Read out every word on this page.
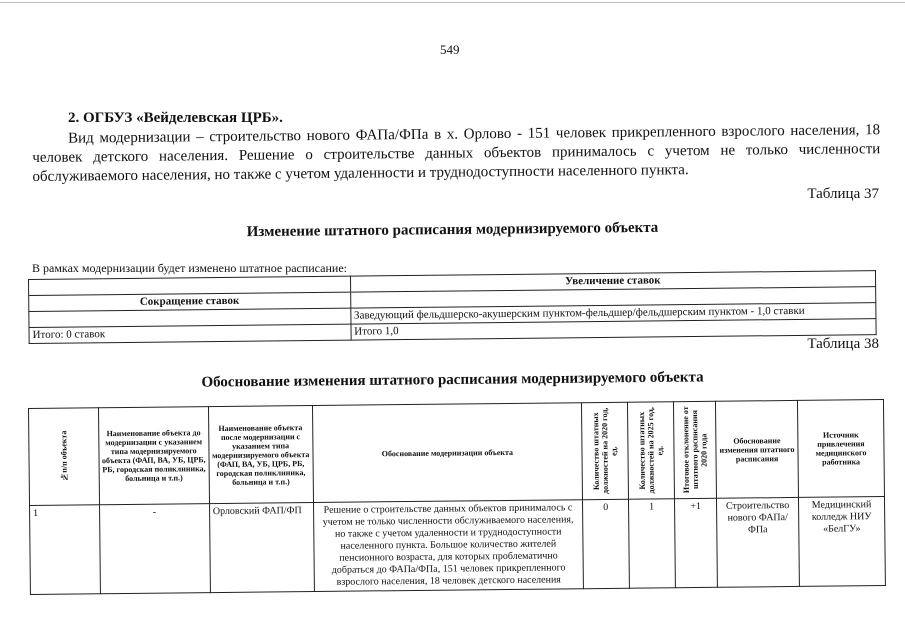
549
2. ОГБУЗ «Вейделевская ЦРБ».

Вид модернизации – строительство нового ФАПа/ФПа в х. Орлово - 151 человек прикрепленного взрослого населения, 18 человек детского населения. Решение о строительстве данных объектов принималось с учетом не только численности обслуживаемого населения, но также с учетом удаленности и труднодоступности населенного пункта.

Таблица 37
Изменение штатного расписания модернизируемого объекта
В рамках модернизации будет изменено штатное расписание:
	Увеличение ставок
Сокращение ставок	
	Заведующий фельдшерско-акушерским пунктом-фельдшер/фельдшерским пунктом - 1,0 ставки
Итого: 0 ставок	Итого 1,0
Таблица 38
Обоснование изменения штатного расписания модернизируемого объекта
№п/п объекта	Наименование объекта до модернизации с указанием типа модернизируемого объекта (ФАП, ВА, УБ, ЦРБ, РБ, городская поликлиника, больница и т.п.)	Наименование объекта после модернизации с указанием типа модернизируемого объекта (ФАП, ВА, УБ, ЦРБ, РБ, городская поликлиника, больница и т.п.)	Обоснование модернизации объекта	Количество штатных должностей на 2020 год, ед.	Количество штатных должностей на 2025 год, ед.	Итоговое отклонение от штатного расписания 2020 года	Обоснование изменения штатного расписания	Источник привлечения медицинского работника
1	-	Орловский ФАП/ФП	Решение о строительстве данных объектов принималось с учетом не только численности обслуживаемого населения, но также с учетом удаленности и труднодоступности населенного пункта. Большое количество жителей пенсионного возраста, для которых проблематично добраться до ФАПа/ФПа, 151 человек прикрепленного взрослого населения, 18 человек детского населения	0	1	+1	Строительство нового ФАПа/ФПа	Медицинский колледж НИУ «БелГУ»
